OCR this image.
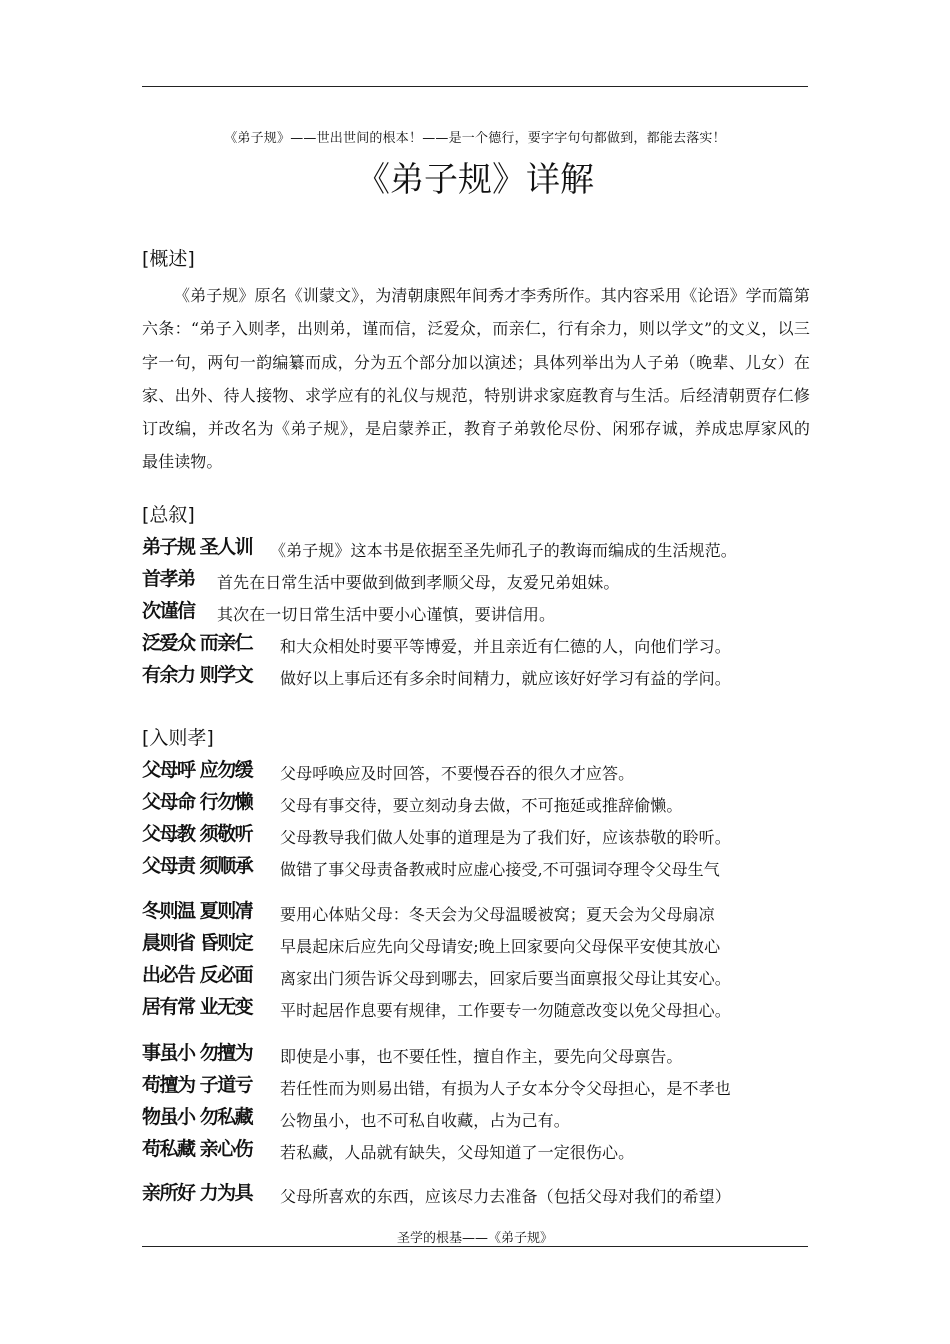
《弟子规》——世出世间的根本！——是一个德行，要字字句句都做到，都能去落实！
《弟子规》详解
[概述]

《弟子规》原名《训蒙文》，为清朝康熙年间秀才李秀所作。其内容采用《论语》学而篇第六条：“弟子入则孝，出则弟，谨而信，泛爱众，而亲仁，行有余力，则以学文”的文义，以三字一句，两句一韵编纂而成，分为五个部分加以演述；具体列举出为人子弟（晚辈、儿女）在家、出外、待人接物、求学应有的礼仪与规范，特别讲求家庭教育与生活。后经清朝贾存仁修订改编，并改名为《弟子规》，是启蒙养正，教育子弟敦伦尽份、闲邪存诚，养成忠厚家风的最佳读物。

[总叙]
弟子规 圣人训 《弟子规》这本书是依据至圣先师孔子的教诲而编成的生活规范。
首孝弟 首先在日常生活中要做到做到孝顺父母，友爱兄弟姐妹。
次谨信 其次在一切日常生活中要小心谨慎，要讲信用。
泛爱众 而亲仁 和大众相处时要平等博爱，并且亲近有仁德的人，向他们学习。
有余力 则学文 做好以上事后还有多余时间精力，就应该好好学习有益的学问。
[入则孝]
父母呼 应勿缓 父母呼唤应及时回答，不要慢吞吞的很久才应答。
父母命 行勿懒 父母有事交待，要立刻动身去做，不可拖延或推辞偷懒。
父母教 须敬听 父母教导我们做人处事的道理是为了我们好，应该恭敬的聆听。
父母责 须顺承 做错了事父母责备教戒时应虚心接受,不可强词夺理令父母生气
冬则温 夏则凊 要用心体贴父母：冬天会为父母温暖被窝；夏天会为父母扇凉
晨则省 昏则定 早晨起床后应先向父母请安;晚上回家要向父母保平安使其放心
出必告 反必面 离家出门须告诉父母到哪去，回家后要当面禀报父母让其安心。
居有常 业无变 平时起居作息要有规律，工作要专一勿随意改变以免父母担心。
事虽小 勿擅为 即使是小事，也不要任性，擅自作主，要先向父母禀告。
苟擅为 子道亏 若任性而为则易出错，有损为人子女本分令父母担心，是不孝也
物虽小 勿私藏 公物虽小，也不可私自收藏，占为己有。
苟私藏 亲心伤 若私藏，人品就有缺失，父母知道了一定很伤心。
亲所好 力为具 父母所喜欢的东西，应该尽力去准备（包括父母对我们的希望）
圣学的根基——《弟子规》
